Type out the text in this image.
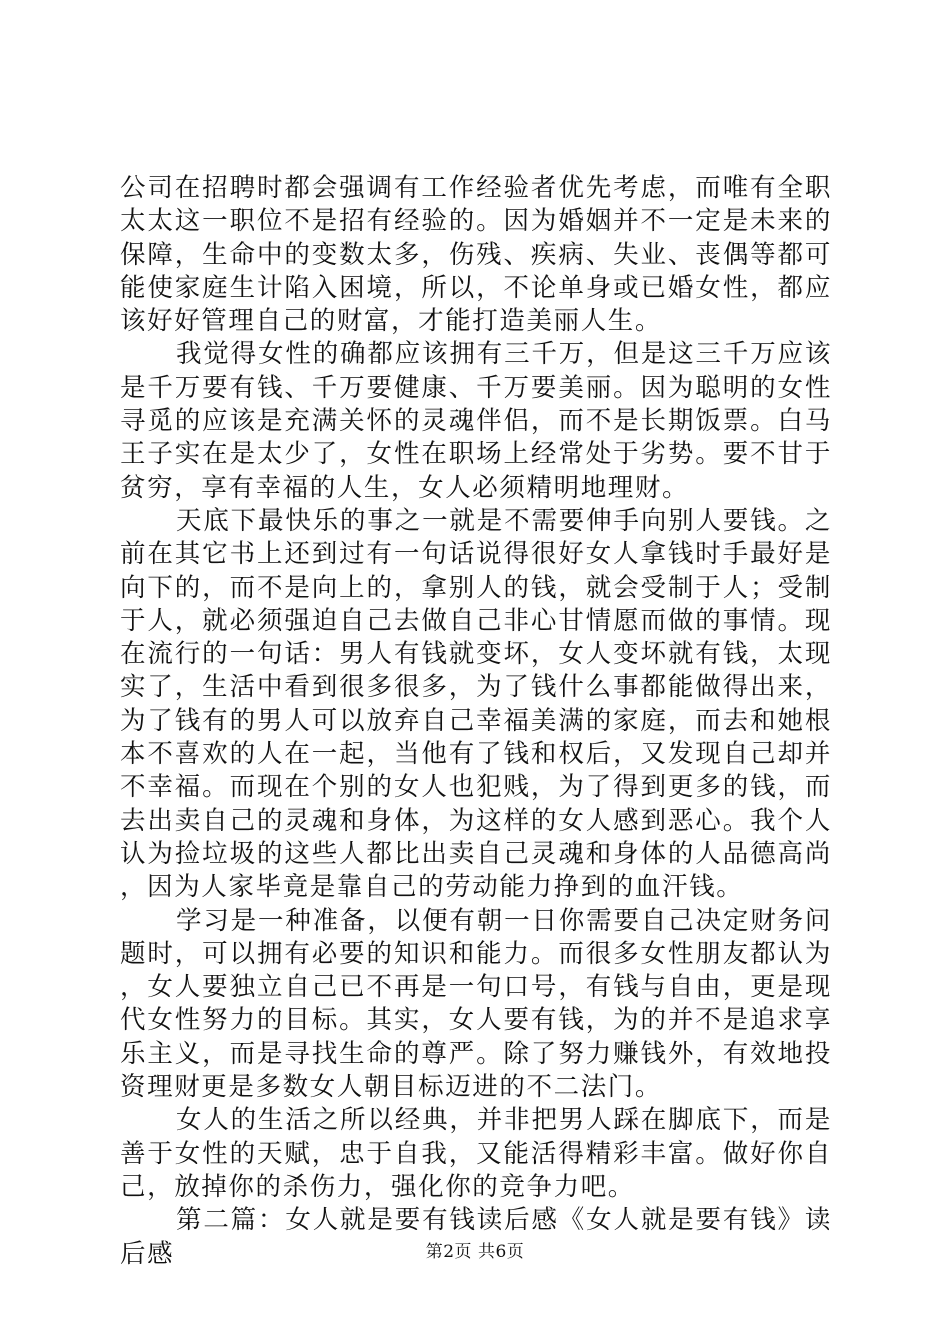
公司在招聘时都会强调有工作经验者优先考虑，而唯有全职太太这一职位不是招有经验的。因为婚姻并不一定是未来的保障，生命中的变数太多，伤残、疾病、失业、丧偶等都可能使家庭生计陷入困境，所以，不论单身或已婚女性，都应该好好管理自己的财富，才能打造美丽人生。

我觉得女性的确都应该拥有三千万，但是这三千万应该是千万要有钱、千万要健康、千万要美丽。因为聪明的女性寻觅的应该是充满关怀的灵魂伴侣，而不是长期饭票。白马王子实在是太少了，女性在职场上经常处于劣势。要不甘于贫穷，享有幸福的人生，女人必须精明地理财。

天底下最快乐的事之一就是不需要伸手向别人要钱。之前在其它书上还到过有一句话说得很好女人拿钱时手最好是向下的，而不是向上的，拿别人的钱，就会受制于人；受制于人，就必须强迫自己去做自己非心甘情愿而做的事情。现在流行的一句话：男人有钱就变坏，女人变坏就有钱，太现实了，生活中看到很多很多，为了钱什么事都能做得出来，为了钱有的男人可以放弃自己幸福美满的家庭，而去和她根本不喜欢的人在一起，当他有了钱和权后，又发现自己却并不幸福。而现在个别的女人也犯贱，为了得到更多的钱，而去出卖自己的灵魂和身体，为这样的女人感到恶心。我个人认为捡垃圾的这些人都比出卖自己灵魂和身体的人品德高尚，因为人家毕竟是靠自己的劳动能力挣到的血汗钱。

学习是一种准备，以便有朝一日你需要自己决定财务问题时，可以拥有必要的知识和能力。而很多女性朋友都认为，女人要独立自己已不再是一句口号，有钱与自由，更是现代女性努力的目标。其实，女人要有钱，为的并不是追求享乐主义，而是寻找生命的尊严。除了努力赚钱外，有效地投资理财更是多数女人朝目标迈进的不二法门。

女人的生活之所以经典，并非把男人踩在脚底下，而是善于女性的天赋，忠于自我，又能活得精彩丰富。做好你自己，放掉你的杀伤力，强化你的竞争力吧。

第二篇：女人就是要有钱读后感《女人就是要有钱》读后感	第2页 共6页
